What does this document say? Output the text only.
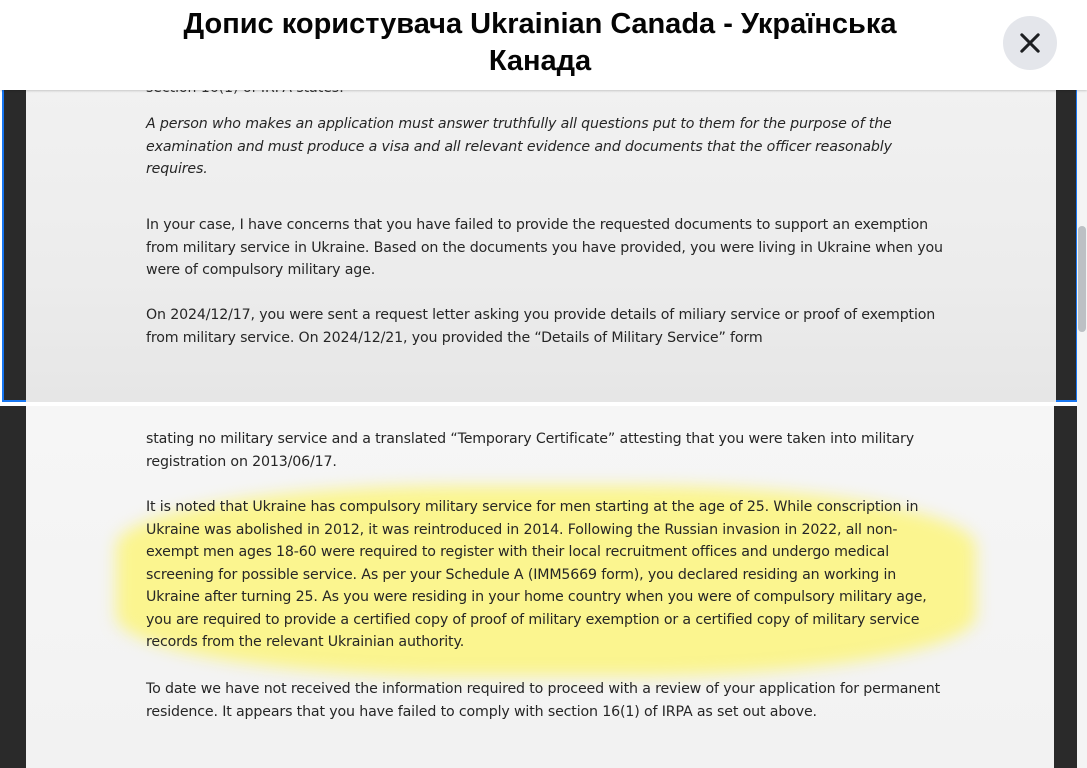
Допис користувача Ukrainian Canada - Українська Канада

A person who makes an application must answer truthfully all questions put to them for the purpose of the examination and must produce a visa and all relevant evidence and documents that the officer reasonably requires.

In your case, I have concerns that you have failed to provide the requested documents to support an exemption from military service in Ukraine. Based on the documents you have provided, you were living in Ukraine when you were of compulsory military age.

On 2024/12/17, you were sent a request letter asking you provide details of miliary service or proof of exemption from military service. On 2024/12/21, you provided the “Details of Military Service” form

stating no military service and a translated “Temporary Certificate” attesting that you were taken into military registration on 2013/06/17.

It is noted that Ukraine has compulsory military service for men starting at the age of 25. While conscription in Ukraine was abolished in 2012, it was reintroduced in 2014. Following the Russian invasion in 2022, all non-exempt men ages 18-60 were required to register with their local recruitment offices and undergo medical screening for possible service. As per your Schedule A (IMM5669 form), you declared residing an working in Ukraine after turning 25. As you were residing in your home country when you were of compulsory military age, you are required to provide a certified copy of proof of military exemption or a certified copy of military service records from the relevant Ukrainian authority.

To date we have not received the information required to proceed with a review of your application for permanent residence. It appears that you have failed to comply with section 16(1) of IRPA as set out above.
